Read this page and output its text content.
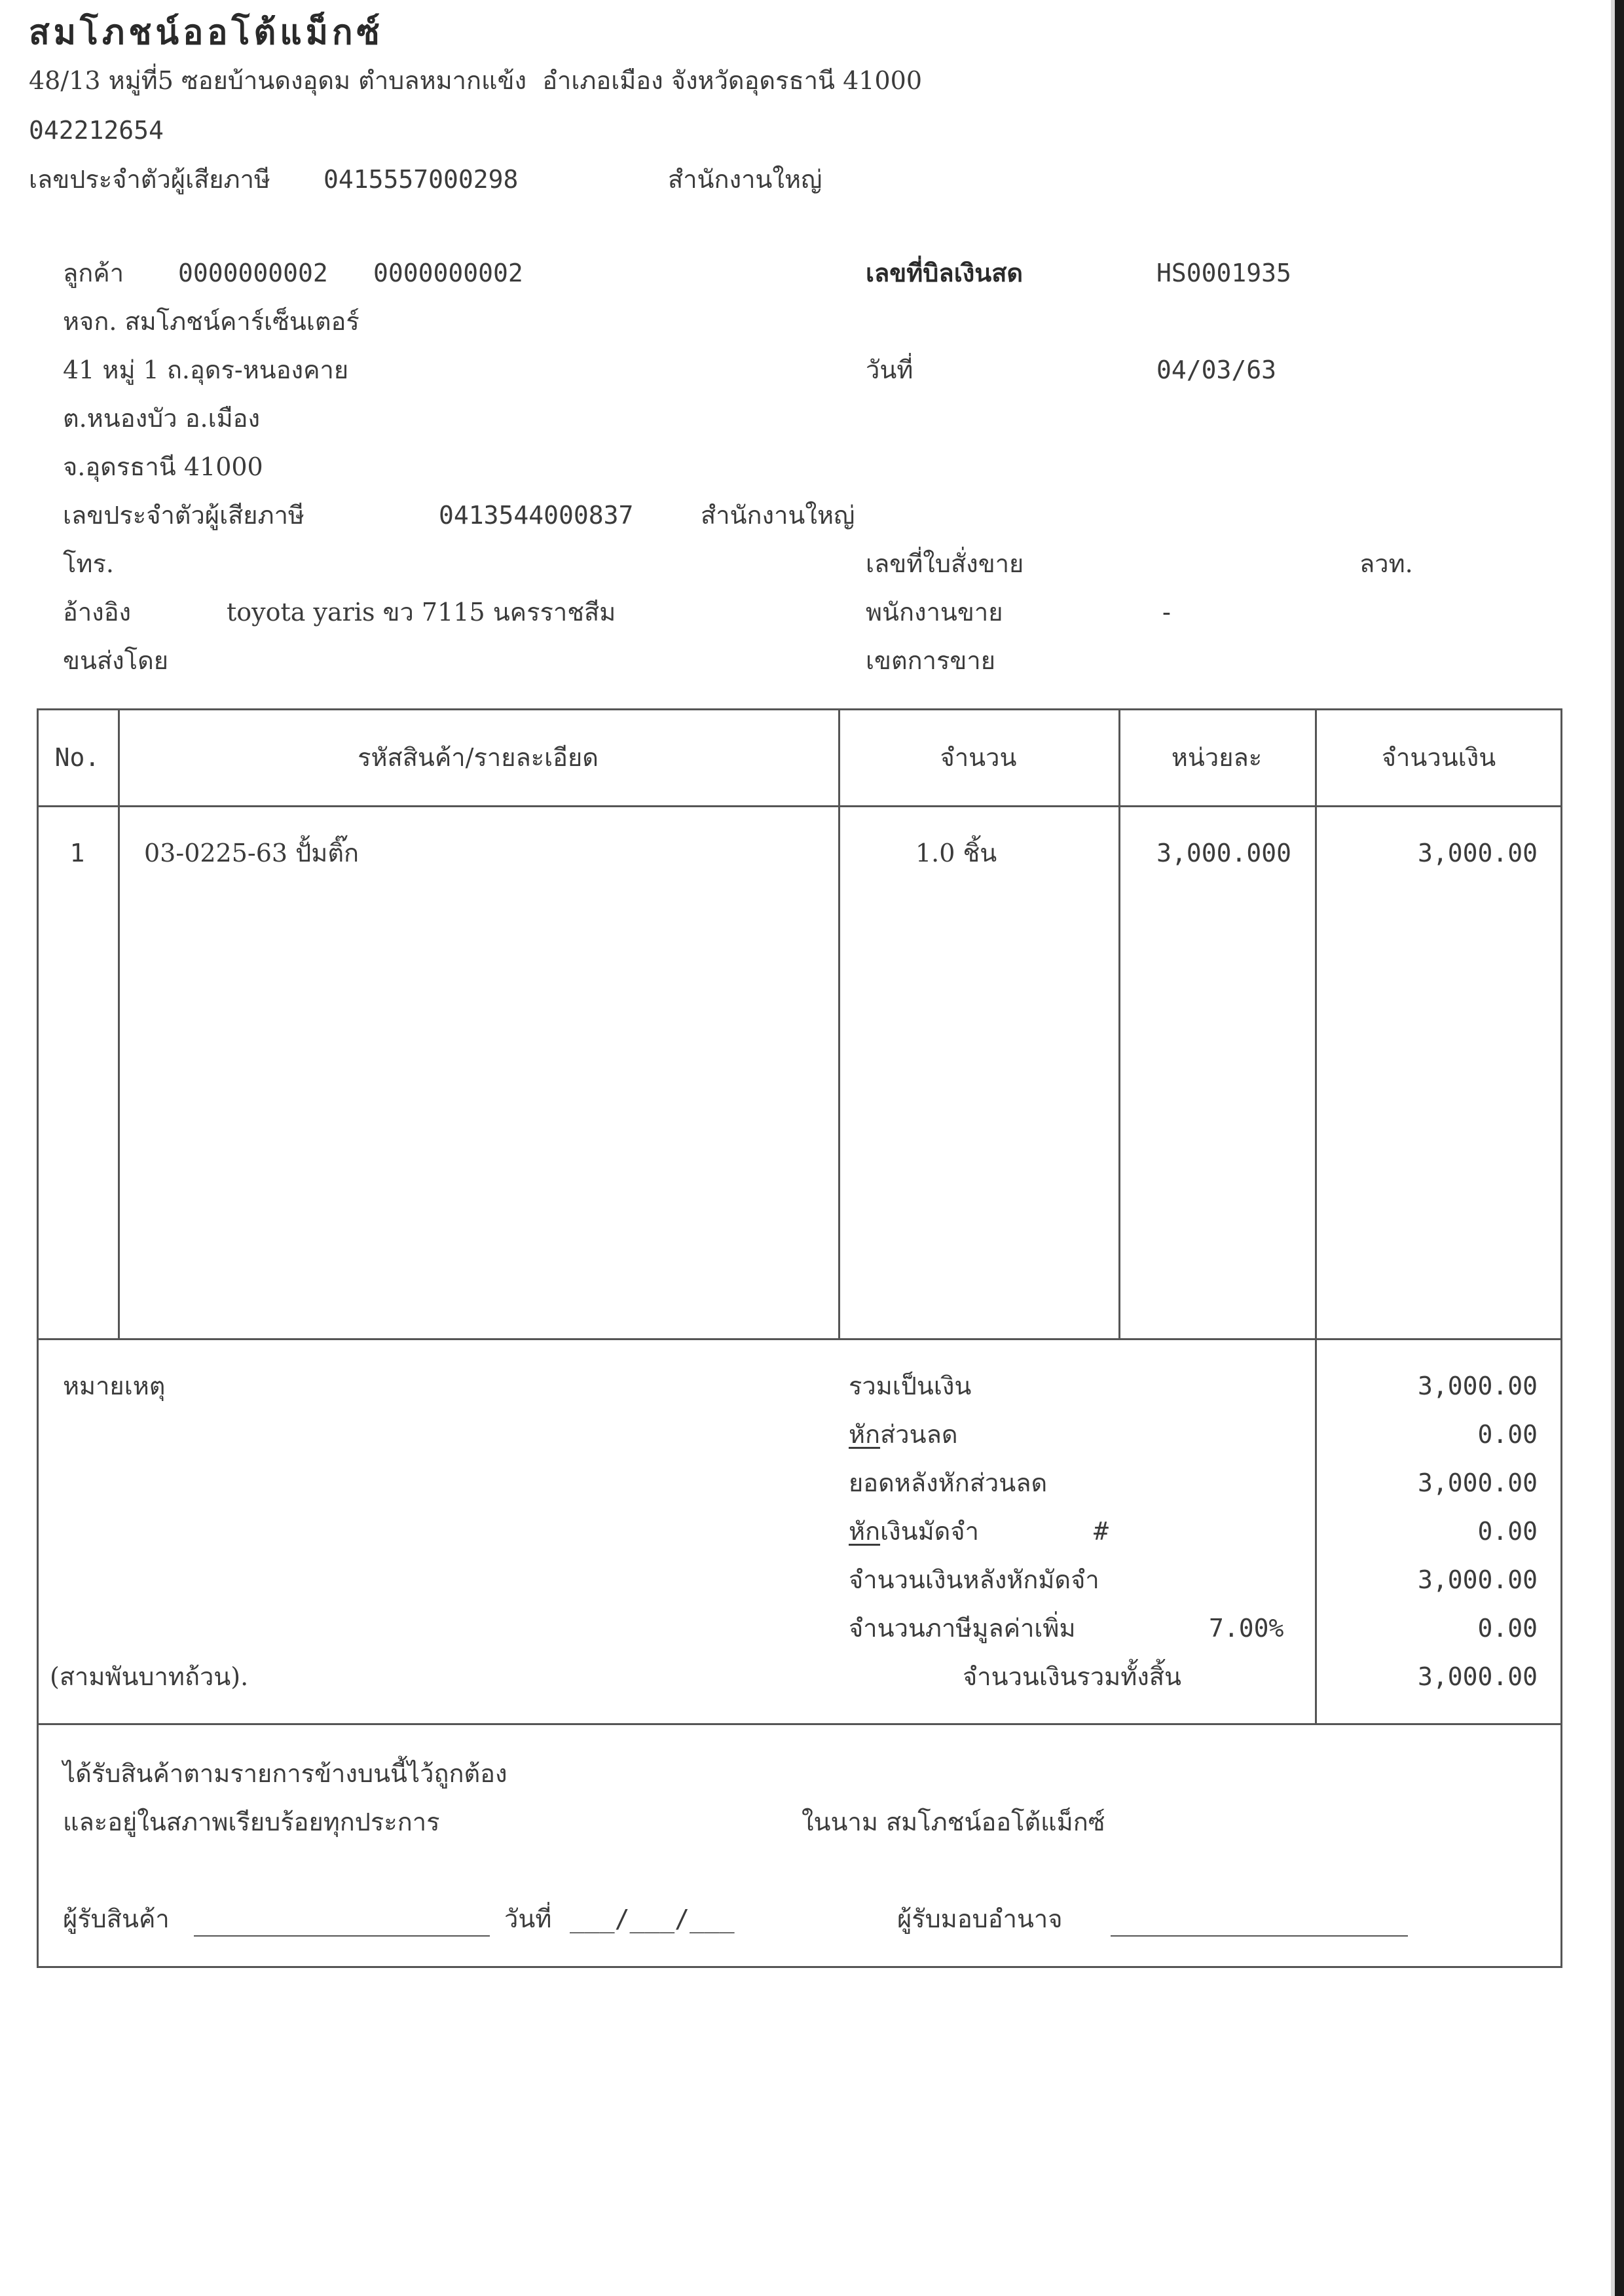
สมโภชน์ออโต้แม็กซ์
48/13 หมู่ที่5 ซอยบ้านดงอุดม ตำบลหมากแข้ง  อำเภอเมือง จังหวัดอุดรธานี 41000
042212654
เลขประจำตัวผู้เสียภาษี 0415557000298	สำนักงานใหญ่
ลูกค้า 0000000002 0000000002
หจก. สมโภชน์คาร์เซ็นเตอร์
41 หมู่ 1 ถ.อุดร-หนองคาย
ต.หนองบัว อ.เมือง
จ.อุดรธานี 41000
เลขประจำตัวผู้เสียภาษี	0413544000837	สำนักงานใหญ่
โทร.
อ้างอิง	toyota yaris ขว 7115 นครราชสีม
ขนส่งโดย
เลขที่บิลเงินสด	HS0001935
วันที่	04/03/63
เลขที่ใบสั่งขาย	ลวท.
พนักงานขาย	-
เขตการขาย
No.	รหัสสินค้า/รายละเอียด	จำนวน	หน่วยละ	จำนวนเงิน
1	03-0225-63 ปั้มติ๊ก	1.0 ชิ้น	3,000.000	3,000.00
หมายเหตุ	รวมเป็นเงิน	3,000.00
หักส่วนลด	0.00
ยอดหลังหักส่วนลด	3,000.00
หักเงินมัดจำ	#	0.00
จำนวนเงินหลังหักมัดจำ	3,000.00
จำนวนภาษีมูลค่าเพิ่ม	7.00%	0.00
(สามพันบาทถ้วน).	จำนวนเงินรวมทั้งสิ้น	3,000.00
ได้รับสินค้าตามรายการข้างบนนี้ไว้ถูกต้อง
และอยู่ในสภาพเรียบร้อยทุกประการ	ในนาม สมโภชน์ออโต้แม็กซ์
ผู้รับสินค้า	วันที่ ___/___/___	ผู้รับมอบอำนาจ
